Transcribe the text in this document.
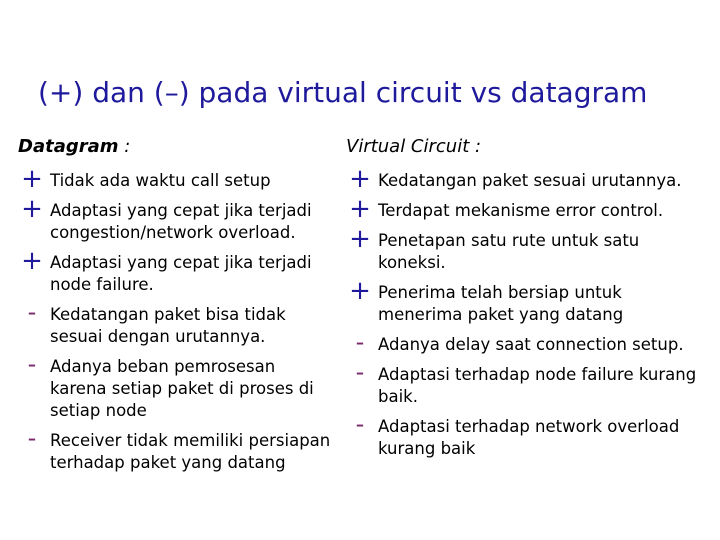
(+) dan (–) pada virtual circuit vs datagram
Datagram :
+ Tidak ada waktu call setup
+ Adaptasi yang cepat jika terjadi
congestion/network overload.
+ Adaptasi yang cepat jika terjadi
node failure.
- Kedatangan paket bisa tidak
sesuai dengan urutannya.
- Adanya beban pemrosesan
karena setiap paket di proses di
setiap node
- Receiver tidak memiliki persiapan
terhadap paket yang datang
Virtual Circuit :
+ Kedatangan paket sesuai urutannya.
+ Terdapat mekanisme error control.
+ Penetapan satu rute untuk satu
koneksi.
+ Penerima telah bersiap untuk
menerima paket yang datang
- Adanya delay saat connection setup.
- Adaptasi terhadap node failure kurang
baik.
- Adaptasi terhadap network overload
kurang baik
